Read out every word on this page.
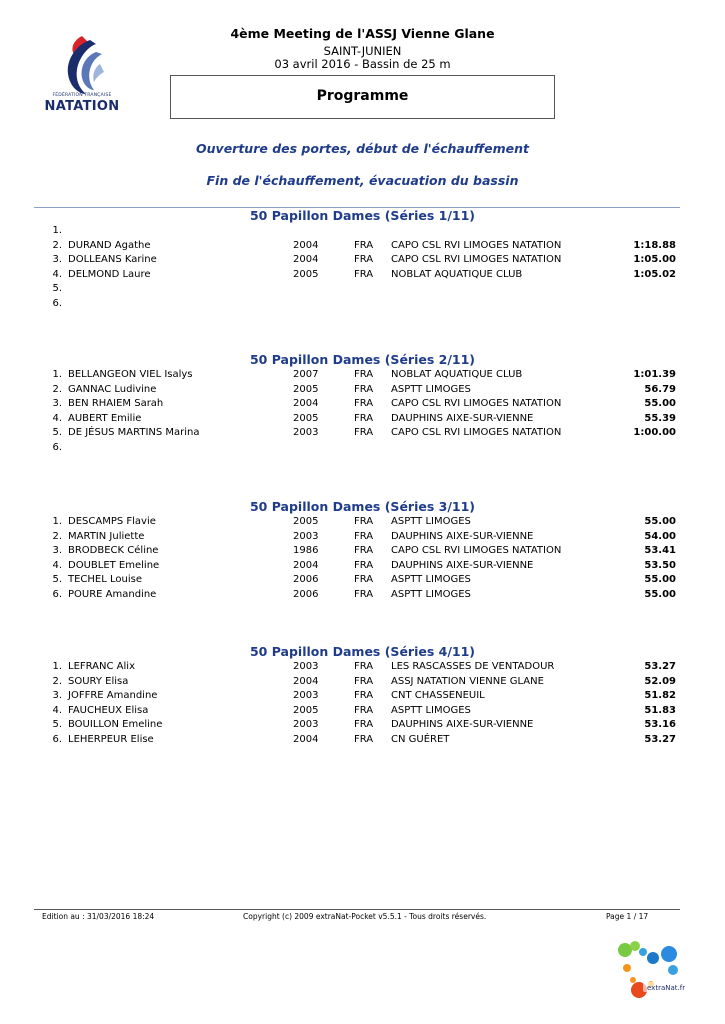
FÉDÉRATION FRANÇAISE
NATATION
4ème Meeting de l'ASSJ Vienne Glane
SAINT-JUNIEN
03 avril 2016 - Bassin de 25 m
Programme
Ouverture des portes, début de l'échauffement
Fin de l'échauffement, évacuation du bassin
50 Papillon Dames (Séries 1/11)
1.
2. DURAND Agathe	2004	FRA CAPO CSL RVI LIMOGES NATATION	1:18.88
3. DOLLEANS Karine	2004	FRA CAPO CSL RVI LIMOGES NATATION	1:05.00
4. DELMOND Laure	2005	FRA NOBLAT AQUATIQUE CLUB	1:05.02
5.
6.
50 Papillon Dames (Séries 2/11)
1. BELLANGEON VIEL Isalys	2007	FRA NOBLAT AQUATIQUE CLUB	1:01.39
2. GANNAC Ludivine	2005	FRA ASPTT LIMOGES	56.79
3. BEN RHAIEM Sarah	2004	FRA CAPO CSL RVI LIMOGES NATATION	55.00
4. AUBERT Emilie	2005	FRA DAUPHINS AIXE-SUR-VIENNE	55.39
5. DE JÉSUS MARTINS Marina	2003	FRA CAPO CSL RVI LIMOGES NATATION	1:00.00
6.
50 Papillon Dames (Séries 3/11)
1. DESCAMPS Flavie	2005	FRA ASPTT LIMOGES	55.00
2. MARTIN Juliette	2003	FRA DAUPHINS AIXE-SUR-VIENNE	54.00
3. BRODBECK Céline	1986	FRA CAPO CSL RVI LIMOGES NATATION	53.41
4. DOUBLET Emeline	2004	FRA DAUPHINS AIXE-SUR-VIENNE	53.50
5. TECHEL Louise	2006	FRA ASPTT LIMOGES	55.00
6. POURE Amandine	2006	FRA ASPTT LIMOGES	55.00
50 Papillon Dames (Séries 4/11)
1. LEFRANC Alix	2003	FRA LES RASCASSES DE VENTADOUR	53.27
2. SOURY Elisa	2004	FRA ASSJ NATATION VIENNE GLANE	52.09
3. JOFFRE Amandine	2003	FRA CNT CHASSENEUIL	51.82
4. FAUCHEUX Elisa	2005	FRA ASPTT LIMOGES	51.83
5. BOUILLON Emeline	2003	FRA DAUPHINS AIXE-SUR-VIENNE	53.16
6. LEHERPEUR Elise	2004	FRA CN GUÉRET	53.27
Edition au : 31/03/2016 18:24	Copyright (c) 2009 extraNat-Pocket v5.5.1 - Tous droits réservés.	Page 1 / 17
extraNat.fr
